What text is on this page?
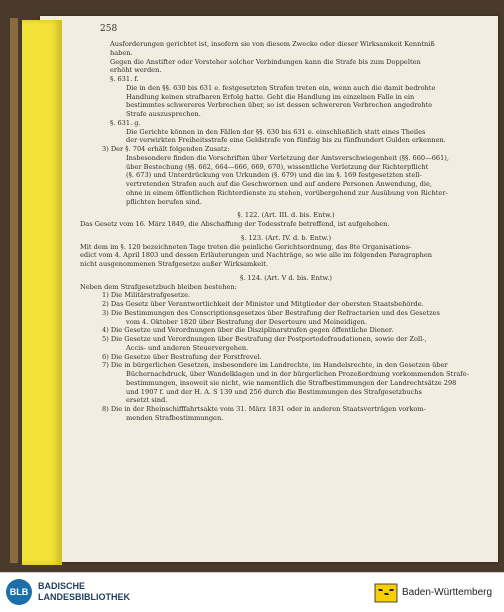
258
Ausforderungen gerichtet ist, insofern sie von diesem Zwecke oder dieser Wirksamkeit Kenntniß
haben.
Gegen die Anstifter oder Vorsteher solcher Verbindungen kann die Strafe bis zum Doppelten
erhöht werden.
§. 631. f.
Die in den §§. 630 bis 631 e. festgesetzten Strafen treten ein, wenn auch die damit bedrohte
Handlung keinen strafbaren Erfolg hatte. Geht die Handlung im einzelnen Falle in ein
bestimmtes schwereres Verbrechen über, so ist dessen schwereren Verbrechen angedrohte
Strafe auszusprechen.
§. 631. g.
Die Gerichte können in den Fällen der §§. 630 bis 631 e. einschließlich statt eines Theiles
der verwirkten Freiheitsstrafe eine Geldstrafe von fünfzig bis zu fünfhundert Gulden erkennen.
3) Der §. 704 erhält folgenden Zusatz:
Insbesondere finden die Vorschriften über Verletzung der Amtsverschwiegenheit (§§. 660—661),
über Bestechung (§§. 662, 664—666, 669, 670), wissentliche Verletzung der Richterpflicht
(§. 673) und Unterdrückung von Urkunden (§. 679) und die im §. 169 festgesetzten stell-
vertretenden Strafen auch auf die Geschwornen und auf andere Personen Anwendung, die,
ohne in einem öffentlichen Richterdienste zu stehen, vorübergehend zur Ausübung von Richter-
pflichten berufen sind.
§. 122. (Art. III. d. bis. Entw.)
Das Gesetz vom 16. März 1849, die Abschaffung der Todesstrafe betreffend, ist aufgehoben.
§. 123. (Art. IV. d. b. Entw.)
Mit dem im §. 120 bezeichneten Tage treten die peinliche Gerichtsordnung, das 8te Organisations-
edict vom 4. April 1803 und dessen Erläuterungen und Nachträge, so wie alle im folgenden Paragraphen
nicht ausgenommenen Strafgesetze außer Wirksamkeit.
§. 124. (Art. V d. bis. Entw.)
Neben dem Strafgesetzbuch bleiben bestehen:
1) Die Militärstrafgesetze.
2) Das Gesetz über Verantwortlichkeit der Minister und Mitglieder der obersten Staatsbehörde.
3) Die Bestimmungen des Conscriptionsgesetzes über Bestrafung der Refractarien und des Gesetzes
vom 4. Oktober 1820 über Bestrafung der Deserteure und Meineidigen.
4) Die Gesetze und Verordnungen über die Disziplinarstrafen gegen öffentliche Diener.
5) Die Gesetze und Verordnungen über Bestrafung der Postportodefraudationen, sowie der Zoll-,
Accis- und anderen Steuervergehen.
6) Die Gesetze über Bestrafung der Forstfrevel.
7) Die in bürgerlichen Gesetzen, insbesondere im Landrechte, im Handelsrechte, in den Gesetzen über
Büchernachdruck, über Wandelklagen und in der bürgerlichen Prozeßordnung vorkommenden Strafe-
bestimmungen, insoweit sie nicht, wie namentlich die Strafbestimmungen der Landrechtsätze 298
und 1907 f. und der H. A. S 139 und 256 durch die Bestimmungen des Strafgesetzbuchs
ersetzt sind.
8) Die in der Rheinschifffahrtsakte vom 31. März 1831 oder in anderen Staatsverträgen vorkom-
menden Strafbestimmungen.
BLB
BADISCHE
LANDESBIBLIOTHEK	Baden-Württemberg
